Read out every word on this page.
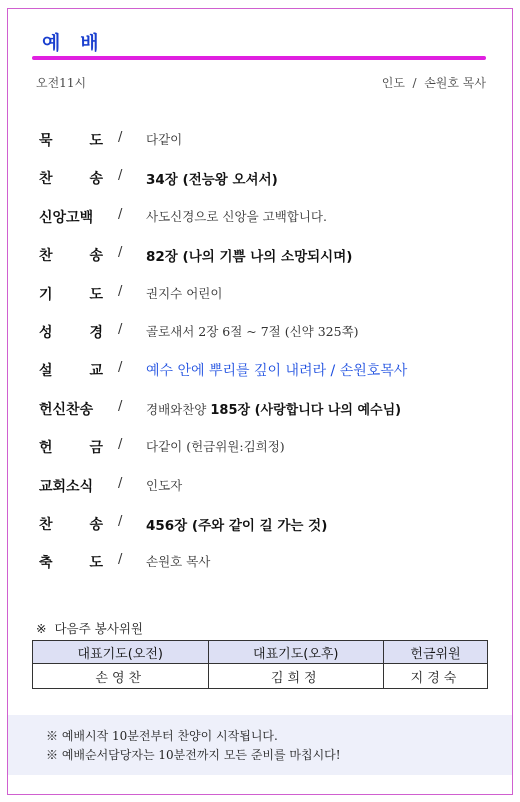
예   배
오전11시	인도  /  손원호 목사
묵	도 / 다같이
찬	송 / 34장 (전능왕 오셔서)
신앙고백 / 사도신경으로 신앙을 고백합니다.
찬	송 / 82장 (나의 기쁨 나의 소망되시며)
기	도 / 권지수 어린이
성	경 / 골로새서 2장 6절 ~ 7절 (신약 325쪽)
설	교 / 예수 안에 뿌리를 깊이 내려라 / 손원호목사
헌신찬송 / 경배와찬양 185장 (사랑합니다 나의 예수님)
헌	금 / 다같이 (헌금위원:김희정)
교회소식 / 인도자
찬	송 / 456장 (주와 같이 길 가는 것)
축	도 / 손원호 목사
※ 다음주 봉사위원
대표기도(오전)	대표기도(오후)	헌금위원
손영찬	김희정	지경숙
※ 예배시작 10분전부터 찬양이 시작됩니다.
※ 예배순서담당자는 10분전까지 모든 준비를 마칩시다!
